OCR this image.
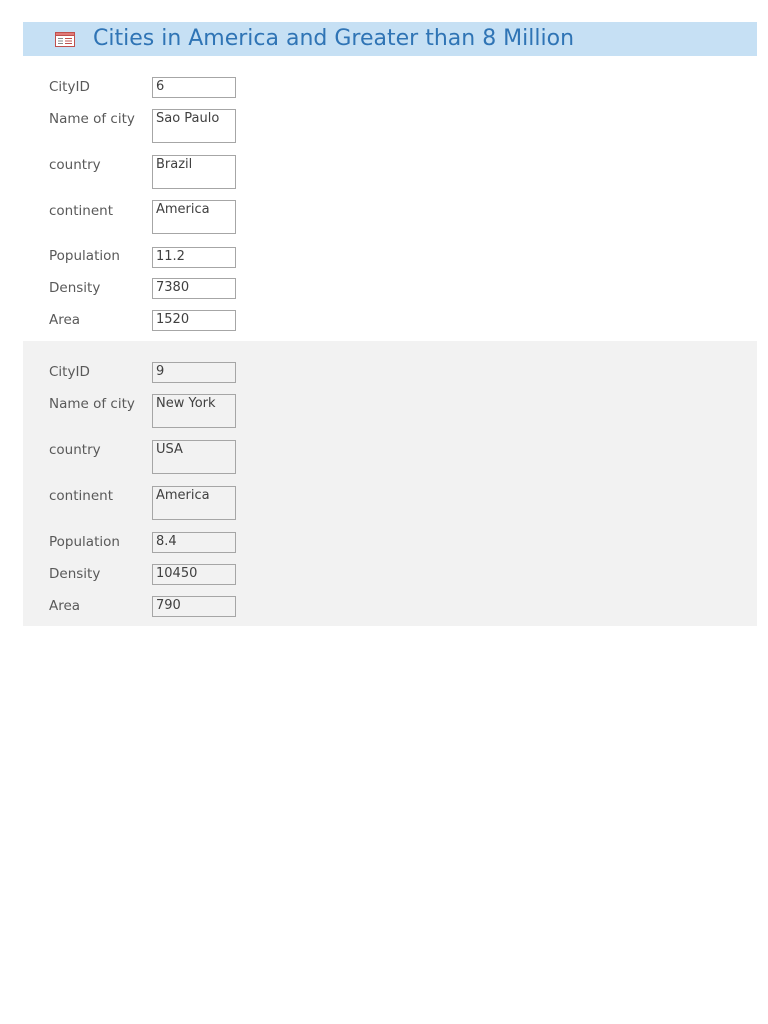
Cities in America and Greater than 8 Million
CityID	6
Name of city	Sao Paulo
country	Brazil
continent	America
Population	11.2
Density	7380
Area	1520
CityID	9
Name of city	New York
country	USA
continent	America
Population	8.4
Density	10450
Area	790
